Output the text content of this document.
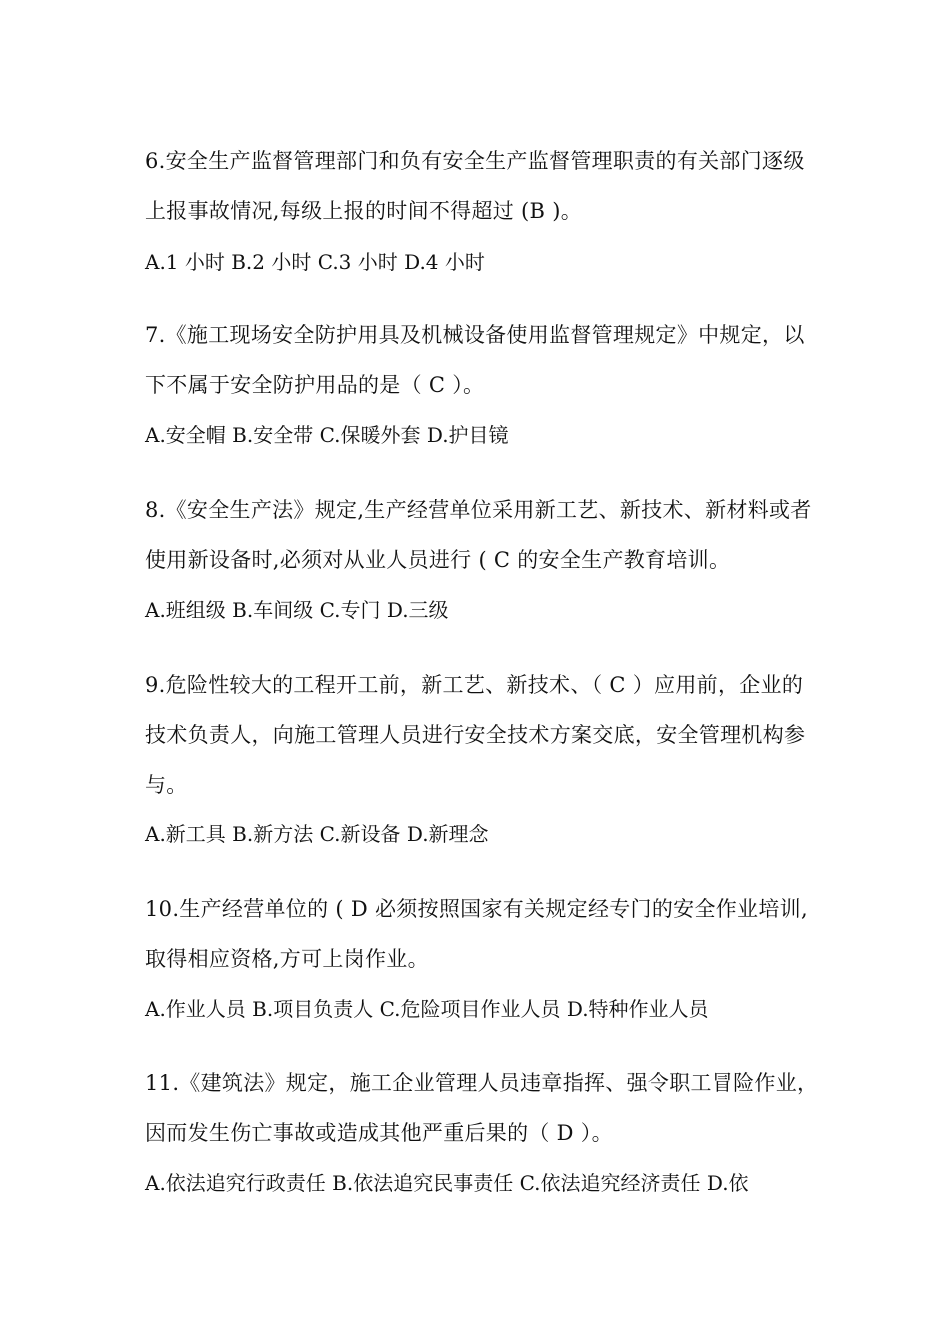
6.安全生产监督管理部门和负有安全生产监督管理职责的有关部门逐级
上报事故情况,每级上报的时间不得超过 (B )。
A.1 小时 B.2 小时 C.3 小时 D.4 小时
7.《施工现场安全防护用具及机械设备使用监督管理规定》中规定，以
下不属于安全防护用品的是（ C ）。
A.安全帽 B.安全带 C.保暖外套 D.护目镜
8.《安全生产法》规定,生产经营单位采用新工艺、新技术、新材料或者
使用新设备时,必须对从业人员进行 ( C 的安全生产教育培训。
A.班组级 B.车间级 C.专门 D.三级
9.危险性较大的工程开工前，新工艺、新技术、（ C ）应用前，企业的
技术负责人，向施工管理人员进行安全技术方案交底，安全管理机构参
与。
A.新工具 B.新方法 C.新设备 D.新理念
10.生产经营单位的 ( D 必须按照国家有关规定经专门的安全作业培训,
取得相应资格,方可上岗作业。
A.作业人员 B.项目负责人 C.危险项目作业人员 D.特种作业人员
11.《建筑法》规定，施工企业管理人员违章指挥、强令职工冒险作业，
因而发生伤亡事故或造成其他严重后果的（ D ）。
A.依法追究行政责任 B.依法追究民事责任 C.依法追究经济责任 D.依
